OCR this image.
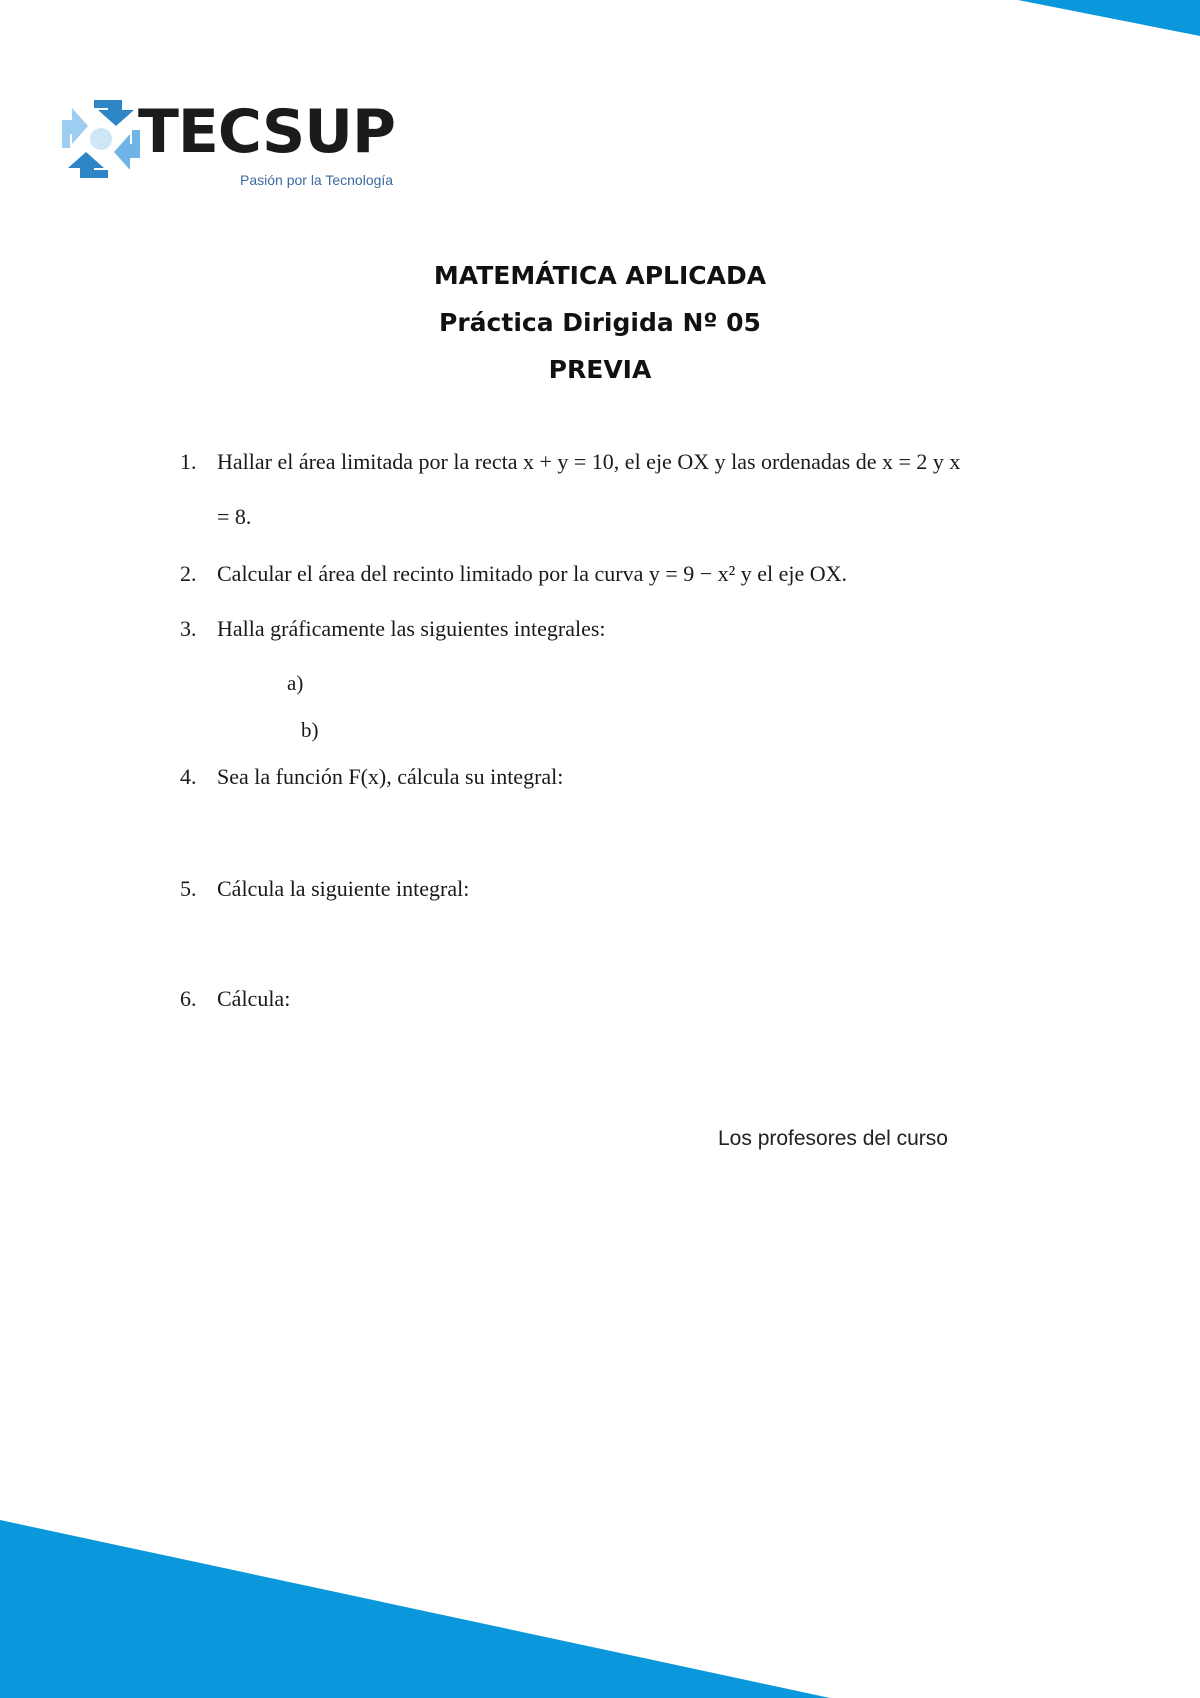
TECSUP
Pasión por la Tecnología
MATEMÁTICA APLICADA
Práctica Dirigida Nº 05
PREVIA
1. Hallar el área limitada por la recta x + y = 10, el eje OX y las ordenadas de x = 2 y x
= 8.
2. Calcular el área del recinto limitado por la curva y = 9 − x² y el eje OX.
3. Halla gráficamente las siguientes integrales:
a)
b)
4. Sea la función F(x), cálcula su integral:
5. Cálcula la siguiente integral:
6. Cálcula:
Los profesores del curso
